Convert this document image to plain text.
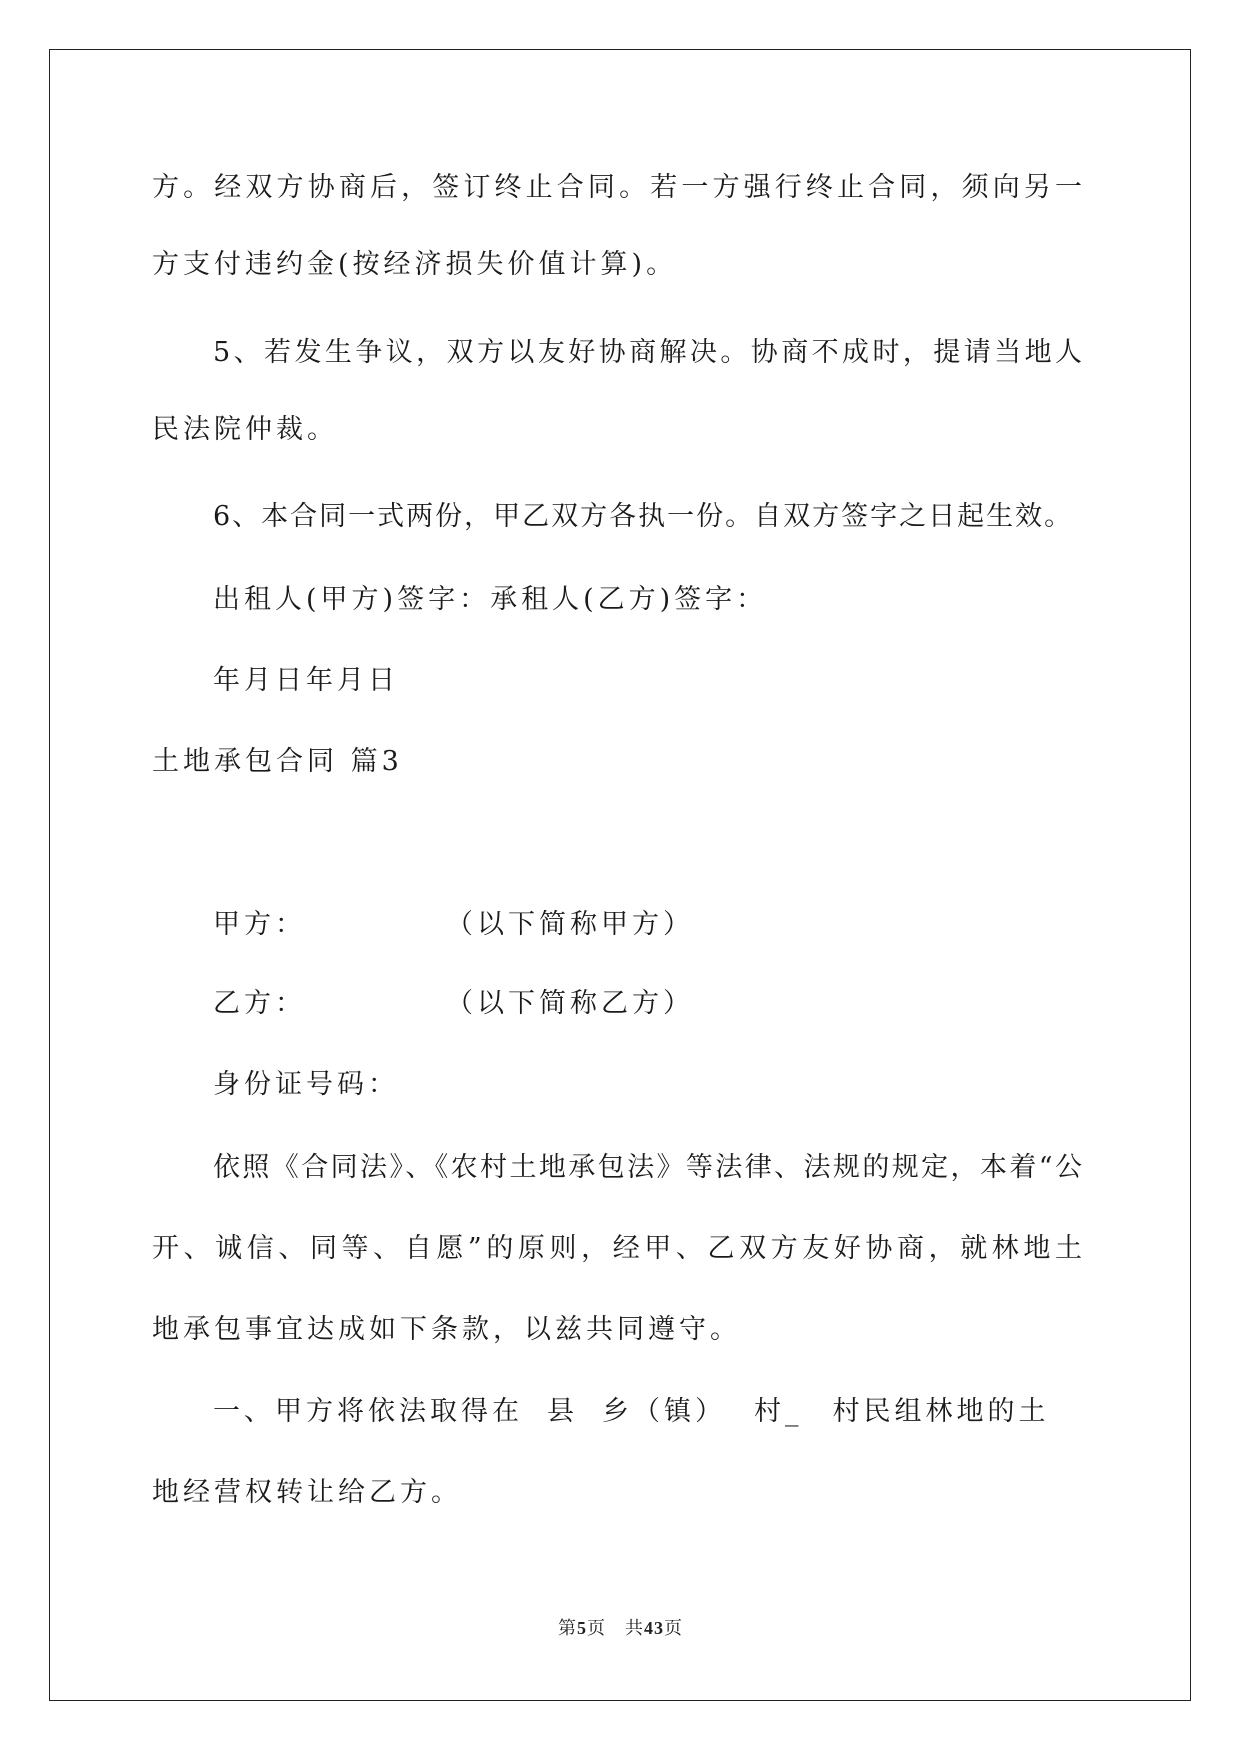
方。经双方协商后，签订终止合同。若一方强行终止合同，须向另一
方支付违约金(按经济损失价值计算)。
5、若发生争议，双方以友好协商解决。协商不成时，提请当地人
民法院仲裁。
6、本合同一式两份，甲乙双方各执一份。自双方签字之日起生效。
出租人(甲方)签字：承租人(乙方)签字：
年月日年月日
土地承包合同 篇3
甲方：	（以下简称甲方）
乙方：	（以下简称乙方）
身份证号码：
依照《合同法》、《农村土地承包法》等法律、法规的规定，本着“公
开、诚信、同等、自愿”的原则，经甲、乙双方友好协商，就林地土
地承包事宜达成如下条款，以兹共同遵守。
一、甲方将依法取得在 县 乡（镇） 村_ 村民组林地的土
地经营权转让给乙方。
第5页　共43页
